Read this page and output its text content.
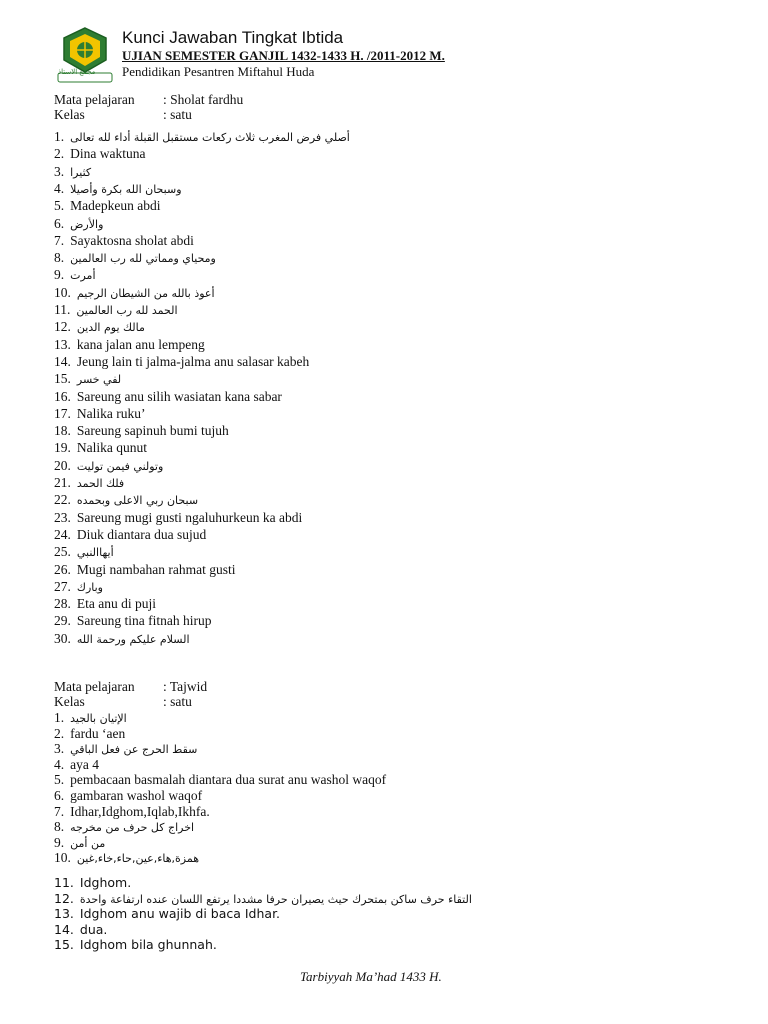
مجمع الاستاذ
Kunci Jawaban Tingkat Ibtida
UJIAN SEMESTER GANJIL 1432-1433 H. /2011-2012 M.
Pendidikan Pesantren Miftahul Huda
Mata pelajaran : Sholat fardhu
Kelas	: satu
1. أصلي فرض المغرب ثلاث ركعات مستقبل القبلة أداء لله تعالى
2. Dina waktuna
3. كثيرا
4. وسبحان الله بكرة وأصيلا
5. Madepkeun abdi
6. والأرض
7. Sayaktosna sholat abdi
8. ومحياي ومماتي لله رب العالمين
9. أمرت
10. أعوذ بالله من الشيطان الرجيم
11. الحمد لله رب العالمين
12. مالك يوم الدين
13. kana jalan anu lempeng
14. Jeung lain ti jalma-jalma anu salasar kabeh
15. لفي خسر
16. Sareung anu silih wasiatan kana sabar
17. Nalika ruku’
18. Sareung sapinuh bumi tujuh
19. Nalika qunut
20. وتولني فيمن توليت
21. فلك الحمد
22. سبحان ربي الاعلى وبحمده
23. Sareung mugi gusti ngaluhurkeun ka abdi
24. Diuk diantara dua sujud
25. أيهاالنبي
26. Mugi nambahan rahmat gusti
27. وبارك
28. Eta anu di puji
29. Sareung tina fitnah hirup
30. السلام عليكم ورحمة الله
Mata pelajaran : Tajwid
Kelas	: satu
1. الإتيان بالجيد
2. fardu ‘aen
3. سقط الحرج عن فعل الباقي
4. aya 4
5. pembacaan basmalah diantara dua surat anu washol waqof
6. gambaran washol waqof
7. Idhar,Idghom,Iqlab,Ikhfa.
8. اخراج كل حرف من مخرجه
9. من أمن
10. همزة,هاء,عين,حاء,خاء,غين
11. Idghom.
12. التقاء حرف ساكن بمتحرك حيث يصيران حرفا مشددا يرتفع اللسان عنده ارتفاعة واحدة
13. Idghom anu wajib di baca Idhar.
14. dua.
15. Idghom bila ghunnah.
Tarbiyyah Ma’had 1433 H.
